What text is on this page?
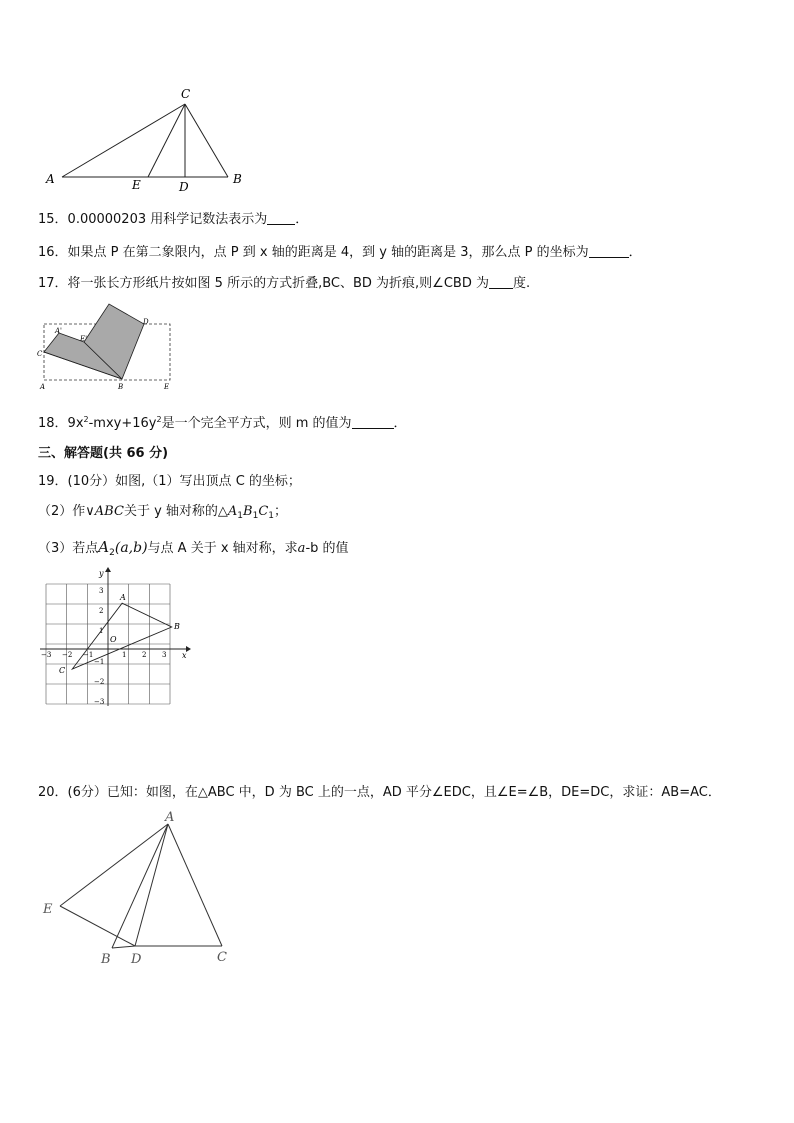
C
A	E	D
B
15．0.00000203 用科学记数法表示为 ．
16．如果点 P 在第二象限内，点 P 到 x 轴的距离是 4，到 y 轴的距离是 3，那么点 P 的坐标为	．
17．将一张长方形纸片按如图 5 所示的方式折叠,BC、BD 为折痕,则∠CBD 为 度.
A'
E'
D
C
A	B	E
18．$9x^2-mxy+16y^2$是一个完全平方式，则 m 的值为	．
三、解答题(共 66 分)
19．(10分）如图,（1）写出顶点 C 的坐标；
（2）作∨ABC关于 y 轴对称的$\triangle A_1B_1C_1$；
（3）若点$A_2(a,b)$与点 A 关于 x 轴对称，求a-b 的值
x
y
O
−3 −2 −1	1 2 3
3
2
1
−1
−2
−3
A
B
C
20．(6分）已知：如图，在△ABC 中，D 为 BC 上的一点，AD 平分∠EDC，且∠E=∠B，DE=DC，求证：AB=AC．
A
E
B D	C
